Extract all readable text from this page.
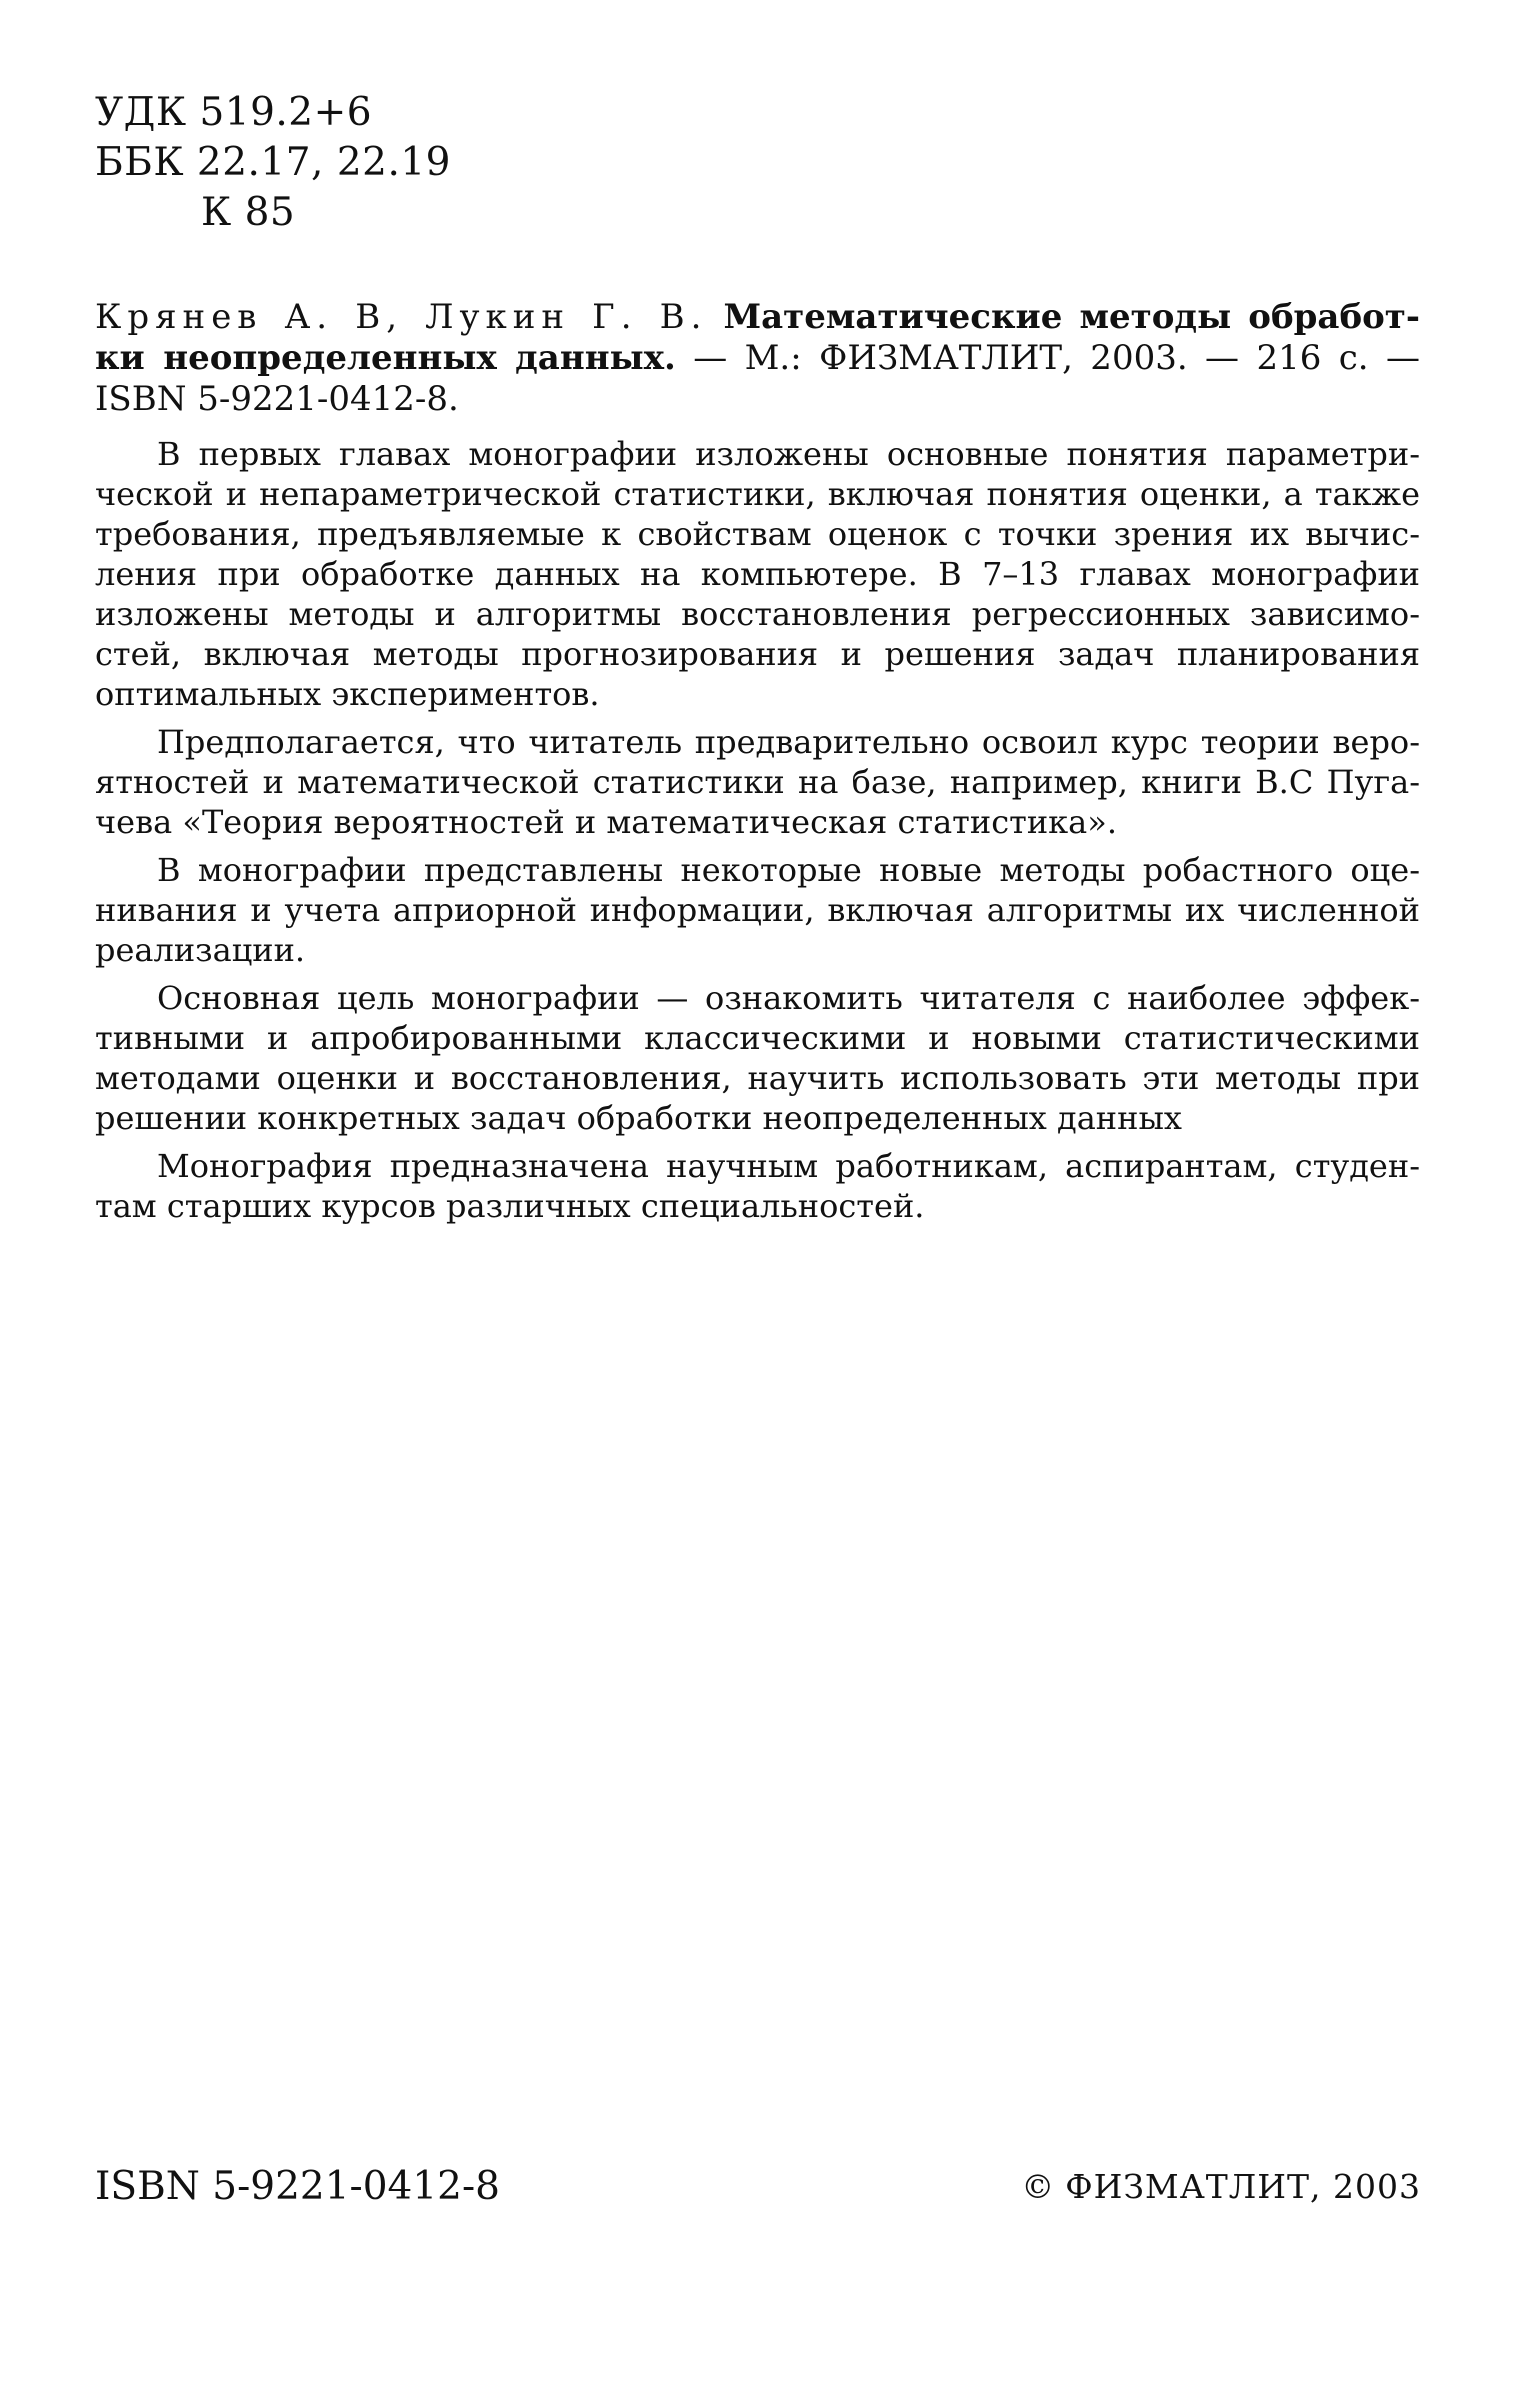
УДК 519.2+6
ББК 22.17, 22.19
К 85
Крянев А. В, Лукин Г. В. Математические методы обработ-ки неопределенных данных. — М.: ФИЗМАТЛИТ, 2003. — 216 с. — ISBN 5-9221-0412-8.

В первых главах монографии изложены основные понятия параметри-ческой и непараметрической статистики, включая понятия оценки, а также требования, предъявляемые к свойствам оценок с точки зрения их вычис-ления при обработке данных на компьютере. В 7–13 главах монографии изложены методы и алгоритмы восстановления регрессионных зависимо-стей, включая методы прогнозирования и решения задач планирования оптимальных экспериментов.

Предполагается, что читатель предварительно освоил курс теории веро-ятностей и математической статистики на базе, например, книги В.С Пуга-чева «Теория вероятностей и математическая статистика».

В монографии представлены некоторые новые методы робастного оце-нивания и учета априорной информации, включая алгоритмы их численной реализации.

Основная цель монографии — ознакомить читателя с наиболее эффек-тивными и апробированными классическими и новыми статистическими методами оценки и восстановления, научить использовать эти методы при решении конкретных задач обработки неопределенных данных

Монография предназначена научным работникам, аспирантам, студен-там старших курсов различных специальностей.

ISBN 5-9221-0412-8	© ФИЗМАТЛИТ, 2003
